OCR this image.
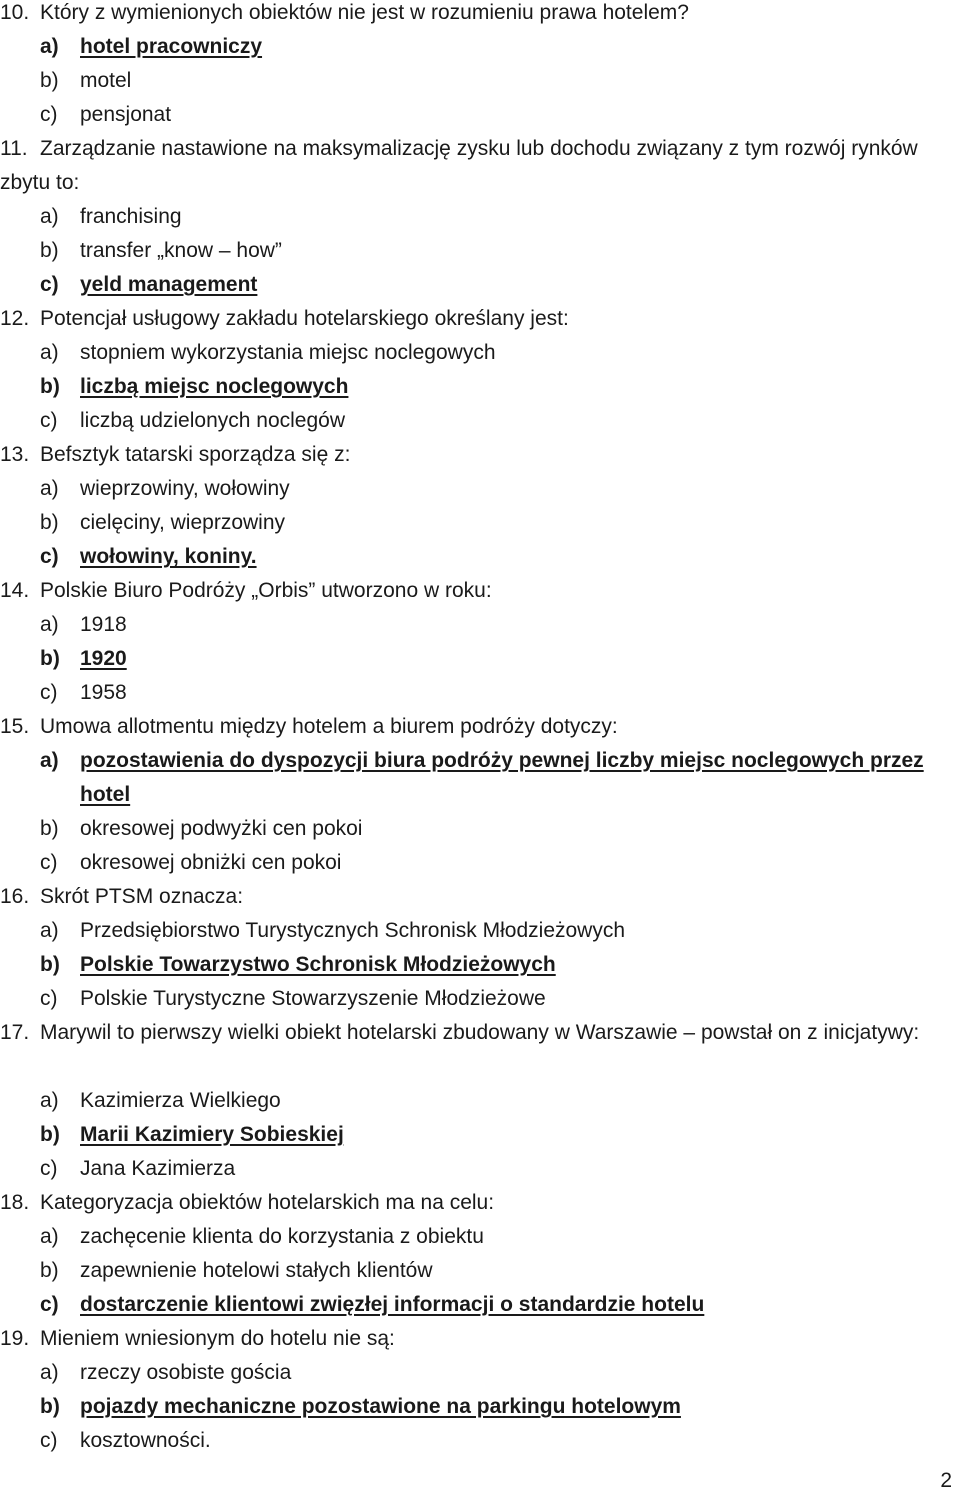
10. Który z wymienionych obiektów nie jest w rozumieniu prawa hotelem?
a) hotel pracowniczy
b) motel
c) pensjonat
11. Zarządzanie nastawione na maksymalizację zysku lub dochodu związany z tym rozwój rynków zbytu to:
a) franchising
b) transfer „know – how”
c) yeld management
12. Potencjał usługowy zakładu hotelarskiego określany jest:
a) stopniem wykorzystania miejsc noclegowych
b) liczbą miejsc noclegowych
c) liczbą udzielonych noclegów
13. Befsztyk tatarski sporządza się z:
a) wieprzowiny, wołowiny
b) cielęciny, wieprzowiny
c) wołowiny, koniny.
14. Polskie Biuro Podróży „Orbis” utworzono w roku:
a) 1918
b) 1920
c) 1958
15. Umowa allotmentu między hotelem a biurem podróży dotyczy:
a) pozostawienia do dyspozycji biura podróży pewnej liczby miejsc noclegowych przez hotel
b) okresowej podwyżki cen pokoi
c) okresowej obniżki cen pokoi
16. Skrót PTSM oznacza:
a) Przedsiębiorstwo Turystycznych Schronisk Młodzieżowych
b) Polskie Towarzystwo Schronisk Młodzieżowych
c) Polskie Turystyczne Stowarzyszenie Młodzieżowe
17. Marywil to pierwszy wielki obiekt hotelarski zbudowany w Warszawie – powstał on z inicjatywy:
a) Kazimierza Wielkiego
b) Marii Kazimiery Sobieskiej
c) Jana Kazimierza
18. Kategoryzacja obiektów hotelarskich ma na celu:
a) zachęcenie klienta do korzystania z obiektu
b) zapewnienie hotelowi stałych klientów
c) dostarczenie klientowi zwięzłej informacji o standardzie hotelu
19. Mieniem wniesionym do hotelu nie są:
a) rzeczy osobiste gościa
b) pojazdy mechaniczne pozostawione na parkingu hotelowym
c) kosztowności.
2
